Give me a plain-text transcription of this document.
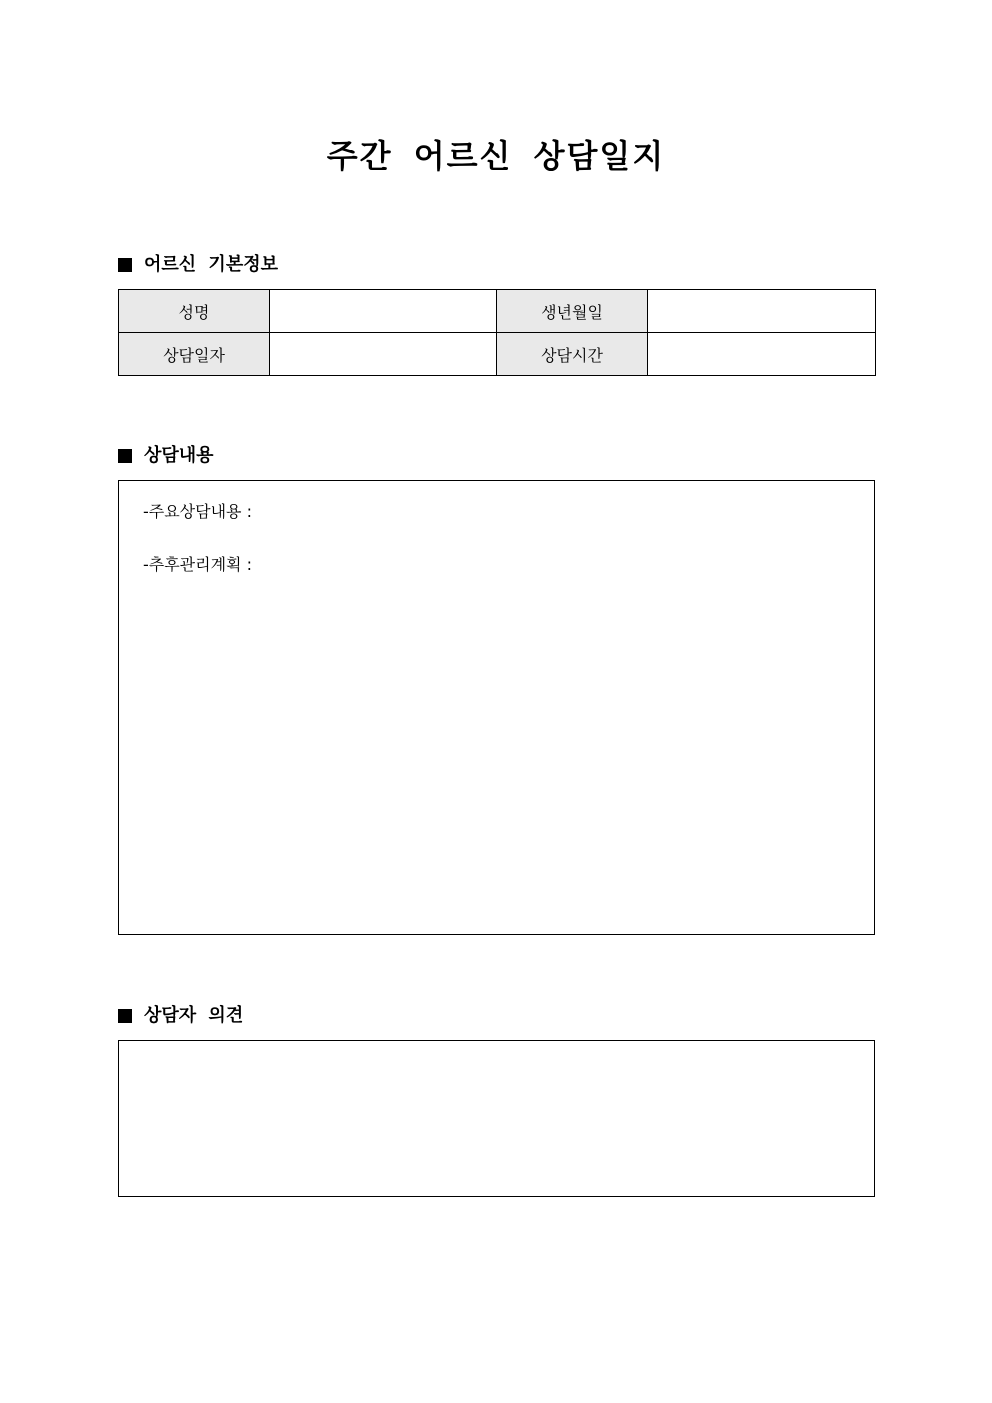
주간 어르신 상담일지
어르신 기본정보
성명		생년월일	
상담일자		상담시간	
상담내용
-주요상담내용 :
-추후관리계획 :
상담자 의견
